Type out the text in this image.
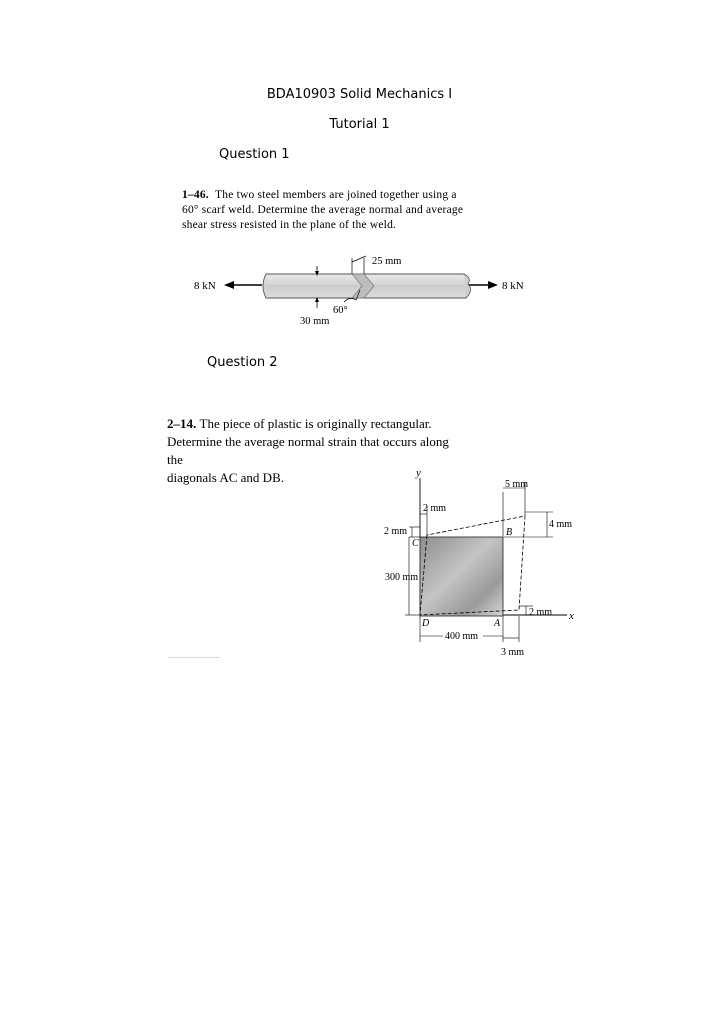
BDA10903 Solid Mechanics I
Tutorial 1
Question 1
1–46. The two steel members are joined together using a
60° scarf weld. Determine the average normal and average
shear stress resisted in the plane of the weld.
8 kN	8 kN
30 mm
25 mm
60°
Question 2
2–14. The piece of plastic is originally rectangular.
Determine the average normal strain that occurs along the
diagonals AC and DB.	y
x
B
C
D	A
5 mm
4 mm
2 mm
2 mm
300 mm
2 mm
400 mm
3 mm
